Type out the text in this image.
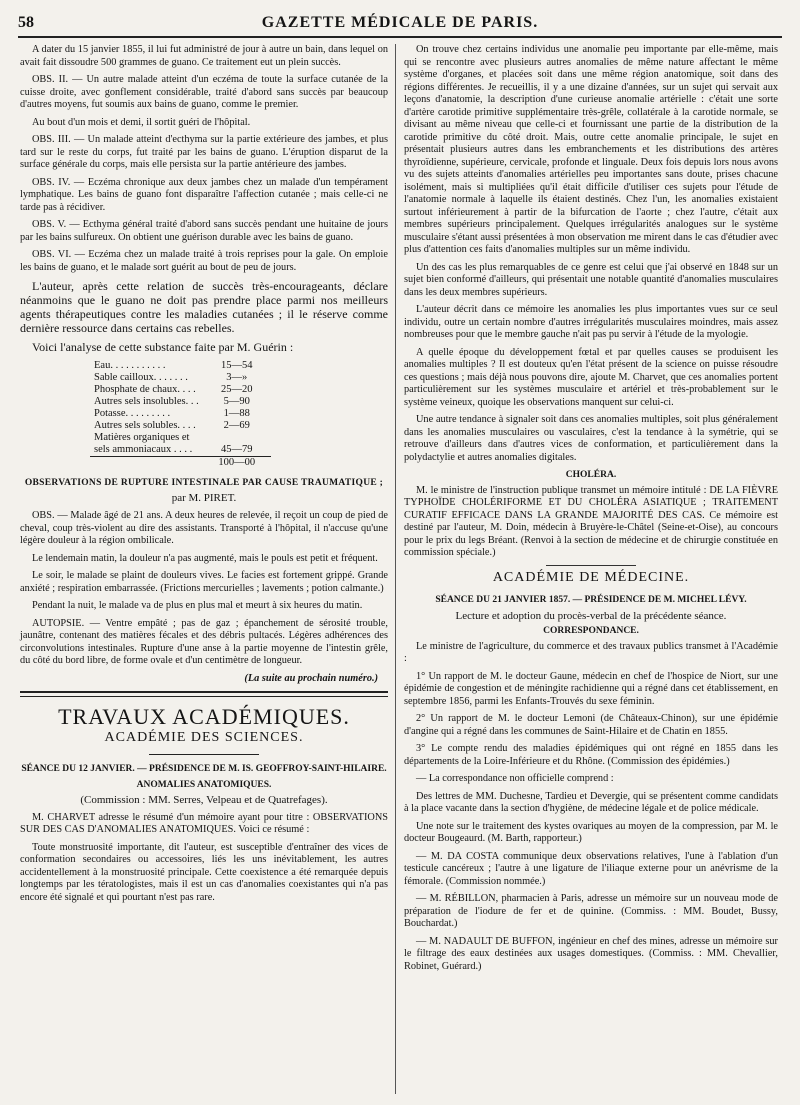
58	GAZETTE MÉDICALE DE PARIS.

A dater du 15 janvier 1855, il lui fut administré de jour à autre un bain, dans lequel on avait fait dissoudre 500 grammes de guano. Ce traitement eut un plein succès.

OBS. II. — Un autre malade atteint d'un eczéma de toute la surface cutanée de la cuisse droite, avec gonflement considérable, traité d'abord sans succès par beaucoup d'autres moyens, fut soumis aux bains de guano, comme le premier.

Au bout d'un mois et demi, il sortit guéri de l'hôpital.

OBS. III. — Un malade atteint d'ecthyma sur la partie extérieure des jambes, et plus tard sur le reste du corps, fut traité par les bains de guano. L'éruption disparut de la surface générale du corps, mais elle persista sur la partie antérieure des jambes.

OBS. IV. — Eczéma chronique aux deux jambes chez un malade d'un tempérament lymphatique. Les bains de guano font disparaître l'affection cutanée ; mais celle-ci ne tarde pas à récidiver.

OBS. V. — Ecthyma général traité d'abord sans succès pendant une huitaine de jours par les bains sulfureux. On obtient une guérison durable avec les bains de guano.

OBS. VI. — Eczéma chez un malade traité à trois reprises pour la gale. On emploie les bains de guano, et le malade sort guérit au bout de peu de jours.

L'auteur, après cette relation de succès très-encourageants, déclare néanmoins que le guano ne doit pas prendre place parmi nos meilleurs agents thérapeutiques contre les maladies cutanées ; il le réserve comme dernière ressource dans certains cas rebelles.

Voici l'analyse de cette substance faite par M. Guérin :

Eau. . . . . . . . . . .	15—54
Sable cailloux. . . . . . .	3—»
Phosphate de chaux. . . .	25—20
Autres sels insolubles. . .	5—90
Potasse. . . . . . . . .	1—88
Autres sels solubles. . . .	2—69
Matières organiques et	
sels ammoniacaux . . . .	45—79
	100—00
OBSERVATIONS DE RUPTURE INTESTINALE PAR CAUSE TRAUMATIQUE ;
par M. PIRET.

OBS. — Malade âgé de 21 ans. A deux heures de relevée, il reçoit un coup de pied de cheval, coup très-violent au dire des assistants. Transporté à l'hôpital, il n'accuse qu'une légère douleur à la région ombilicale.

Le lendemain matin, la douleur n'a pas augmenté, mais le pouls est petit et fréquent.

Le soir, le malade se plaint de douleurs vives. Le facies est fortement grippé. Grande anxiété ; respiration embarrassée. (Frictions mercurielles ; lavements ; potion calmante.)

Pendant la nuit, le malade va de plus en plus mal et meurt à six heures du matin.

AUTOPSIE. — Ventre empâté ; pas de gaz ; épanchement de sérosité trouble, jaunâtre, contenant des matières fécales et des débris pultacés. Légères adhérences des circonvolutions intestinales. Rupture d'une anse à la partie moyenne de l'intestin grêle, du côté du bord libre, de forme ovale et d'un centimètre de longueur.

(La suite au prochain numéro.)
TRAVAUX ACADÉMIQUES.
ACADÉMIE DES SCIENCES.
SÉANCE DU 12 JANVIER. — PRÉSIDENCE DE M. IS. GEOFFROY-SAINT-HILAIRE.
ANOMALIES ANATOMIQUES.
(Commission : MM. Serres, Velpeau et de Quatrefages).

M. CHARVET adresse le résumé d'un mémoire ayant pour titre : OBSERVATIONS SUR DES CAS D'ANOMALIES ANATOMIQUES. Voici ce résumé :

Toute monstruosité importante, dit l'auteur, est susceptible d'entraîner des vices de conformation secondaires ou accessoires, liés les uns inévitablement, les autres accidentellement à la monstruosité principale. Cette coexistence a été remarquée depuis longtemps par les tératologistes, mais il est un cas d'anomalies coexistantes qui n'a pas encore été signalé et qui pourtant n'est pas rare.

On trouve chez certains individus une anomalie peu importante par elle-même, mais qui se rencontre avec plusieurs autres anomalies de même nature affectant le même système d'organes, et placées soit dans une même région anatomique, soit dans des régions différentes. Je recueillis, il y a une dizaine d'années, sur un sujet qui servait aux leçons d'anatomie, la description d'une curieuse anomalie artérielle : c'était une sorte d'artère carotide primitive supplémentaire très-grêle, collatérale à la carotide normale, se divisant au même niveau que celle-ci et fournissant une partie de la distribution de la carotide primitive du côté droit. Mais, outre cette anomalie principale, le sujet en présentait plusieurs autres dans les embranchements et les distributions des artères thyroïdienne, supérieure, cervicale, profonde et linguale. Deux fois depuis lors nous avons vu des sujets atteints d'anomalies artérielles peu importantes sans doute, prises chacune isolément, mais si multipliées qu'il était difficile d'utiliser ces sujets pour l'étude de l'anatomie normale à laquelle ils étaient destinés. Chez l'un, les anomalies existaient surtout inférieurement à partir de la bifurcation de l'aorte ; chez l'autre, c'était aux membres supérieurs principalement. Quelques irrégularités analogues sur le système musculaire s'étant aussi présentées à mon observation me mirent dans le cas d'étudier avec plus d'attention ces faits d'anomalies multiples sur un même individu.

Un des cas les plus remarquables de ce genre est celui que j'ai observé en 1848 sur un sujet bien conformé d'ailleurs, qui présentait une notable quantité d'anomalies musculaires dans les deux membres supérieurs.

L'auteur décrit dans ce mémoire les anomalies les plus importantes vues sur ce seul individu, outre un certain nombre d'autres irrégularités musculaires moindres, mais assez nombreuses pour que le membre gauche n'ait pas pu servir à l'étude de la myologie.

A quelle époque du développement fœtal et par quelles causes se produisent les anomalies multiples ? Il est douteux qu'en l'état présent de la science on puisse résoudre ces questions ; mais déjà nous pouvons dire, ajoute M. Charvet, que ces anomalies portent particulièrement sur les systèmes musculaire et artériel et très-probablement sur le système veineux, quoique les observations manquent sur celui-ci.

Une autre tendance à signaler soit dans ces anomalies multiples, soit plus généralement dans les anomalies musculaires ou vasculaires, c'est la tendance à la symétrie, qui se retrouve d'ailleurs dans d'autres vices de conformation, et particulièrement dans la polydactylie et autres anomalies digitales.

CHOLÉRA.

M. le ministre de l'instruction publique transmet un mémoire intitulé : DE LA FIÈVRE TYPHOÏDE CHOLÉRIFORME ET DU CHOLÉRA ASIATIQUE ; TRAITEMENT CURATIF EFFICACE DANS LA GRANDE MAJORITÉ DES CAS. Ce mémoire est destiné par l'auteur, M. Doin, médecin à Bruyère-le-Châtel (Seine-et-Oise), au concours pour le prix du legs Bréant. (Renvoi à la section de médecine et de chirurgie constituée en commission spéciale.)

ACADÉMIE DE MÉDECINE.
SÉANCE DU 21 JANVIER 1857. — PRÉSIDENCE DE M. MICHEL LÉVY.
Lecture et adoption du procès-verbal de la précédente séance.
CORRESPONDANCE.

Le ministre de l'agriculture, du commerce et des travaux publics transmet à l'Académie :

1° Un rapport de M. le docteur Gaune, médecin en chef de l'hospice de Niort, sur une épidémie de congestion et de méningite rachidienne qui a régné dans cet établissement, en septembre 1856, parmi les Enfants-Trouvés du sexe féminin.

2° Un rapport de M. le docteur Lemoni (de Châteaux-Chinon), sur une épidémie d'angine qui a régné dans les communes de Saint-Hilaire et de Chatin en 1855.

3° Le compte rendu des maladies épidémiques qui ont régné en 1855 dans les départements de la Loire-Inférieure et du Rhône. (Commission des épidémies.)

— La correspondance non officielle comprend :

Des lettres de MM. Duchesne, Tardieu et Devergie, qui se présentent comme candidats à la place vacante dans la section d'hygiène, de médecine légale et de police médicale.

Une note sur le traitement des kystes ovariques au moyen de la compression, par M. le docteur Bougeaurd. (M. Barth, rapporteur.)

— M. DA COSTA communique deux observations relatives, l'une à l'ablation d'un testicule cancéreux ; l'autre à une ligature de l'iliaque externe pour un anévrisme de la fémorale. (Commission nommée.)

— M. RÉBILLON, pharmacien à Paris, adresse un mémoire sur un nouveau mode de préparation de l'iodure de fer et de quinine. (Commiss. : MM. Boudet, Bussy, Bouchardat.)

— M. NADAULT DE BUFFON, ingénieur en chef des mines, adresse un mémoire sur le filtrage des eaux destinées aux usages domestiques. (Commiss. : MM. Chevallier, Robinet, Guérard.)
